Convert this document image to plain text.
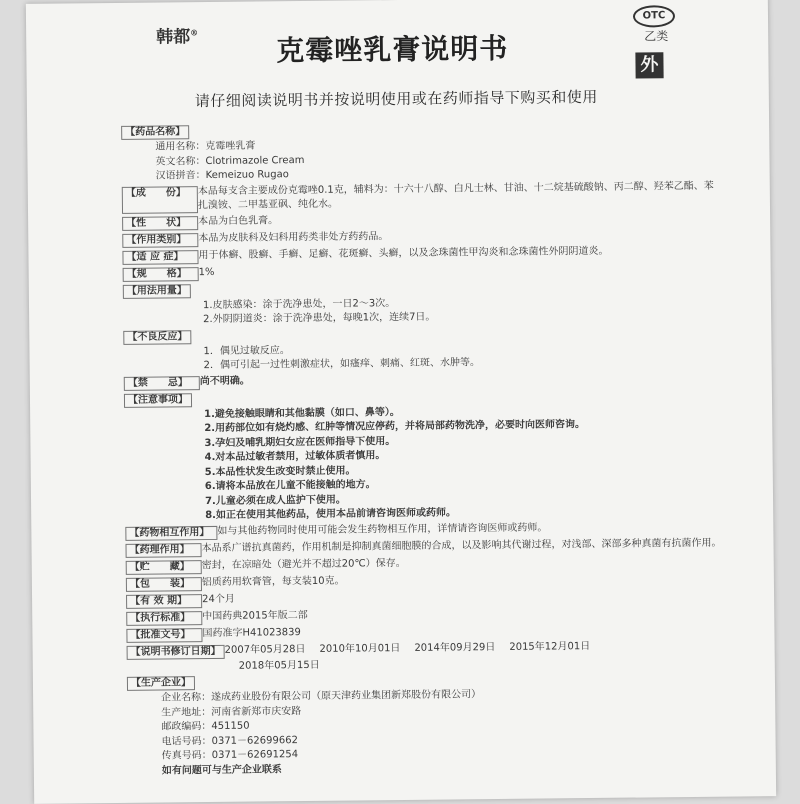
韩都®	克霉唑乳膏说明书
OTC
乙类
外
请仔细阅读说明书并按说明使用或在药师指导下购买和使用
【药品名称】
通用名称： 克霉唑乳膏
英文名称： Clotrimazole Cream
汉语拼音： Kemeizuo Rugao
【成　　份】	本品每支含主要成份克霉唑0.1克，辅料为：十六十八醇、白凡士林、甘油、十二烷基硫酸钠、丙二醇、羟苯乙酯、苯扎溴铵、二甲基亚砜、纯化水。
【性　　状】	本品为白色乳膏。
【作用类别】	本品为皮肤科及妇科用药类非处方药药品。
【适 应 症】	用于体癣、股癣、手癣、足癣、花斑癣、头癣，以及念珠菌性甲沟炎和念珠菌性外阴阴道炎。
【规　　格】	1%
【用法用量】
1.皮肤感染：涂于洗净患处，一日2～3次。
2.外阴阴道炎：涂于洗净患处，每晚1次，连续7日。
【不良反应】
1．偶见过敏反应。
2．偶可引起一过性刺激症状，如瘙痒、刺痛、红斑、水肿等。
【禁　　忌】	尚不明确。
【注意事项】
1.避免接触眼睛和其他黏膜（如口、鼻等）。
2.用药部位如有烧灼感、红肿等情况应停药，并将局部药物洗净，必要时向医师咨询。
3.孕妇及哺乳期妇女应在医师指导下使用。
4.对本品过敏者禁用，过敏体质者慎用。
5.本品性状发生改变时禁止使用。
6.请将本品放在儿童不能接触的地方。
7.儿童必须在成人监护下使用。
8.如正在使用其他药品，使用本品前请咨询医师或药师。
【药物相互作用】 如与其他药物同时使用可能会发生药物相互作用，详情请咨询医师或药师。
【药理作用】	本品系广谱抗真菌药，作用机制是抑制真菌细胞膜的合成，以及影响其代谢过程，对浅部、深部多种真菌有抗菌作用。
【贮　　藏】	密封，在凉暗处（避光并不超过20℃）保存。
【包　　装】	铝质药用软膏管，每支装10克。
【有 效 期】	24个月
【执行标准】	中国药典2015年版二部
【批准文号】	国药准字H41023839
【说明书修订日期】 2007年05月28日 2010年10月01日 2014年09月29日 2015年12月01日
2018年05月15日
【生产企业】
企业名称： 遂成药业股份有限公司（原天津药业集团新郑股份有限公司）
生产地址： 河南省新郑市庆安路
邮政编码： 451150
电话号码： 0371－62699662
传真号码： 0371－62691254
如有问题可与生产企业联系
